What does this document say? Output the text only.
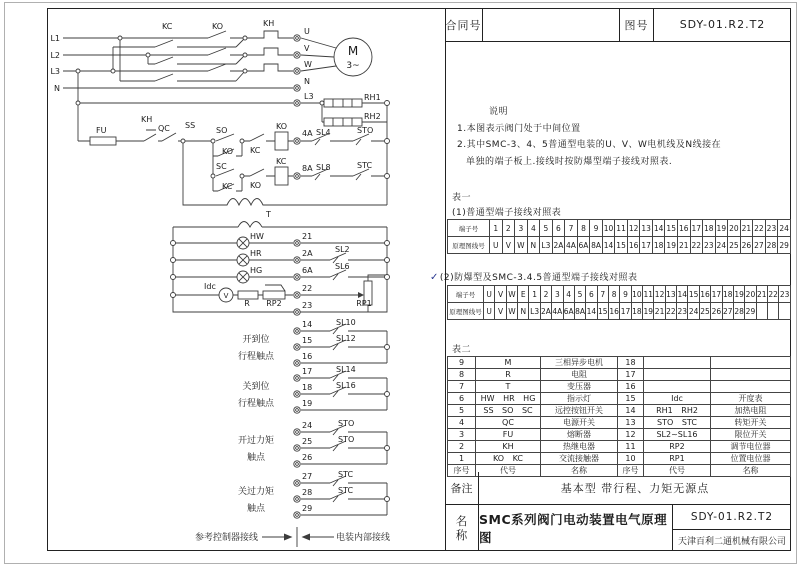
L1
L2
L3
N
KC	KO	KH
U
V
W
N
L3
M
3~
RH1
RH2
FU
KH
QC SS
SO
KO KC
KO
4A SL4	STO
SC
KC KO
KC
8A SL8	STC
T
HW
HR
HG
21
2A
6A
SL2
SL6
Idc
V
R RP2
22
RP1
23
14
15
16
SL10
SL12
开到位
行程触点
17
18
19
SL14
SL16
关到位
行程触点
24
25
26
STO
STO
开过力矩
触点
27
28
29
STC
STC
关过力矩
触点
参考控制器接线	电装内部接线
合同号	图号	SDY-01.R2.T2
说明
1.本图表示阀门处于中间位置
2.其中SMC-3、4、5普通型电装的U、V、W电机线及N线接在
单独的端子板上.接线时按防爆型端子接线对照表.
表一
(1)普通型端子接线对照表
端子号	1	2	3	4	5	6	7	8	9	10	11	12	13	14	15	16	17	18	19	20	21	22	23	24
原理图线号	U	V	W	N	L3	2A	4A	6A	8A	14	15	16	17	18	19	21	22	23	24	25	26	27	28	29
✓(2)防爆型及SMC-3.4.5普通型端子接线对照表
端子号	U	V	W	E	1	2	3	4	5	6	7	8	9	10	11	12	13	14	15	16	17	18	19	20	21	22	23
原理图线号	U	V	W	N	L3	2A	4A	6A	8A	14	15	16	17	18	19	21	22	23	24	25	26	27	28	29			
表二
9	M	三相异步电机	18		
8	R	电阻	17		
7	T	变压器	16		
6	HW HR HG	指示灯	15	Idc	开度表
5	SS SO SC	远控按钮开关	14	RH1 RH2	加热电阻
4	QC	电源开关	13	STO STC	转矩开关
3	FU	熔断器	12	SL2~SL16	限位开关
2	KH	热继电器	11	RP2	调节电位器
1	KO KC	交流接触器	10	RP1	位置电位器
序号	代号	名称	序号	代号	名称
备注	基本型 带行程、力矩无源点
名称
SMC系列阀门电动装置电气原理图
SDY-01.R2.T2
天津百利二通机械有限公司
